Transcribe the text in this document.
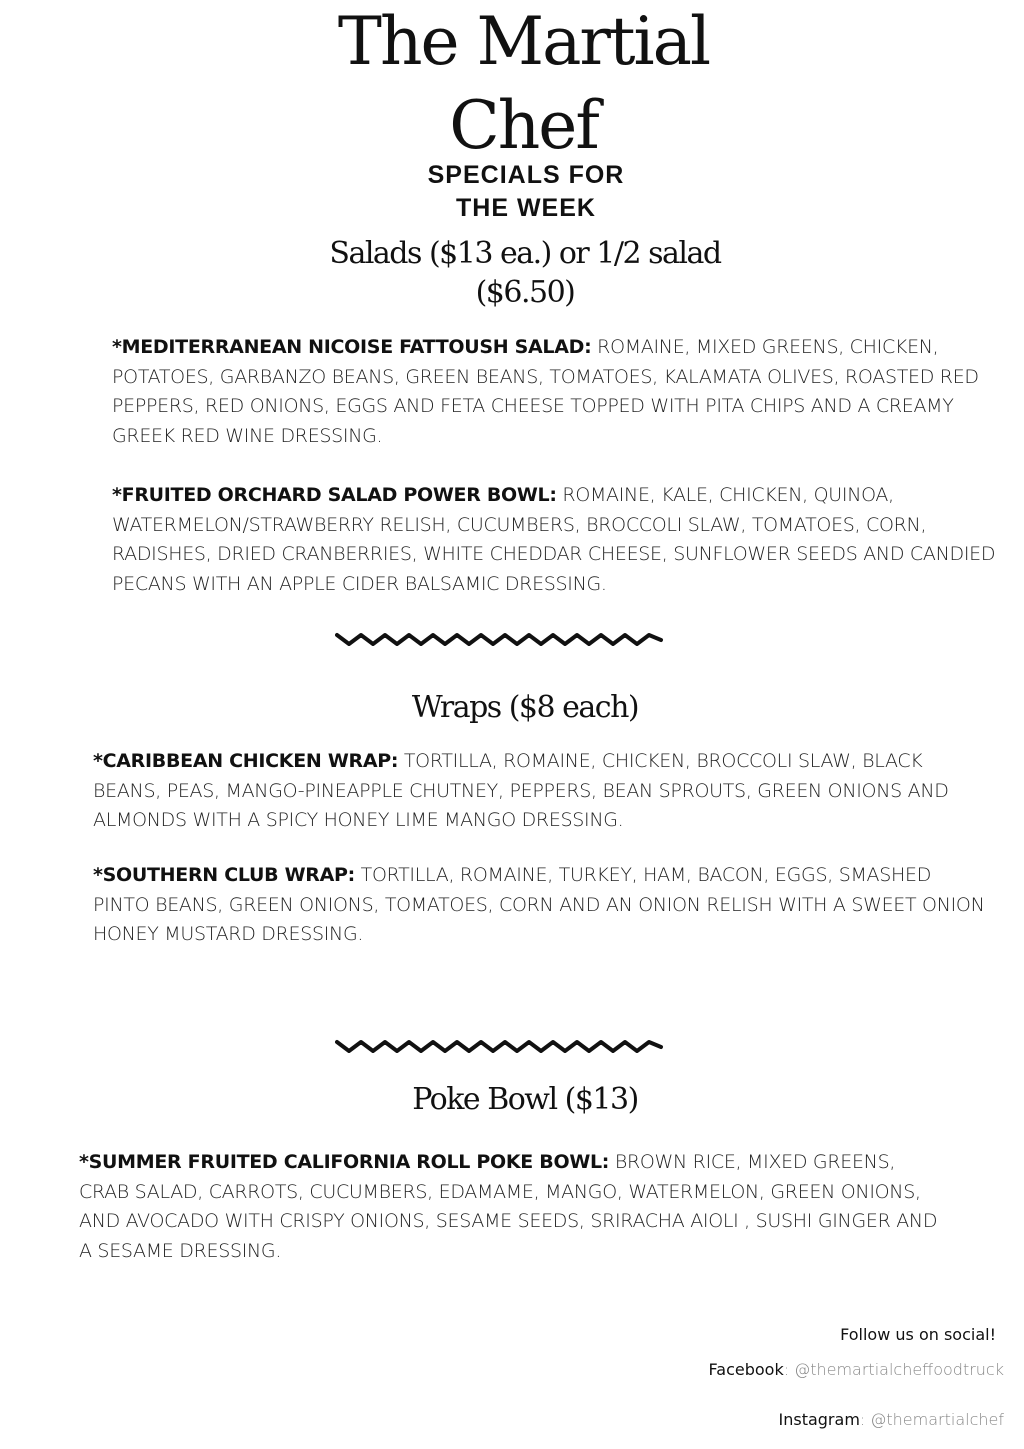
The Martial
Chef
SPECIALS FOR
THE WEEK
Salads ($13 ea.) or 1/2 salad
($6.50)
*MEDITERRANEAN NICOISE FATTOUSH SALAD: ROMAINE, MIXED GREENS, CHICKEN, POTATOES, GARBANZO BEANS, GREEN BEANS, TOMATOES, KALAMATA OLIVES, ROASTED RED PEPPERS, RED ONIONS, EGGS AND FETA CHEESE TOPPED WITH PITA CHIPS AND A CREAMY GREEK RED WINE DRESSING.
*FRUITED ORCHARD SALAD POWER BOWL: ROMAINE, KALE, CHICKEN, QUINOA, WATERMELON/STRAWBERRY RELISH, CUCUMBERS, BROCCOLI SLAW, TOMATOES, CORN, RADISHES, DRIED CRANBERRIES, WHITE CHEDDAR CHEESE, SUNFLOWER SEEDS AND CANDIED PECANS WITH AN APPLE CIDER BALSAMIC DRESSING.
Wraps ($8 each)
*CARIBBEAN CHICKEN WRAP: TORTILLA, ROMAINE, CHICKEN, BROCCOLI SLAW, BLACK BEANS, PEAS, MANGO-PINEAPPLE CHUTNEY, PEPPERS, BEAN SPROUTS, GREEN ONIONS AND ALMONDS WITH A SPICY HONEY LIME MANGO DRESSING.
*SOUTHERN CLUB WRAP: TORTILLA, ROMAINE, TURKEY, HAM, BACON, EGGS, SMASHED PINTO BEANS, GREEN ONIONS, TOMATOES, CORN AND AN ONION RELISH WITH A SWEET ONION HONEY MUSTARD DRESSING.
Poke Bowl ($13)
*SUMMER FRUITED CALIFORNIA ROLL POKE BOWL: BROWN RICE, MIXED GREENS, CRAB SALAD, CARROTS, CUCUMBERS, EDAMAME, MANGO, WATERMELON, GREEN ONIONS, AND AVOCADO WITH CRISPY ONIONS, SESAME SEEDS, SRIRACHA AIOLI , SUSHI GINGER AND A SESAME DRESSING.
Follow us on social!
Facebook: @themartialcheffoodtruck
Instagram: @themartialchef
